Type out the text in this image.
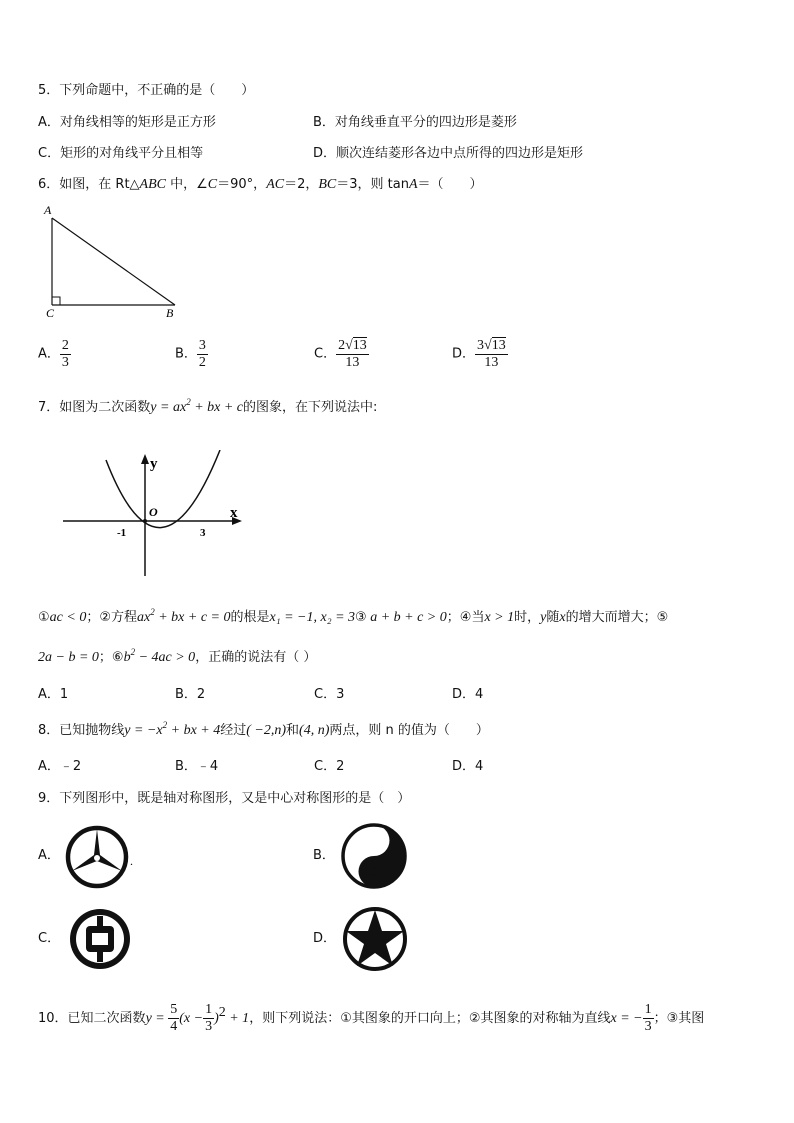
5．下列命题中，不正确的是（　　）
A．对角线相等的矩形是正方形	B．对角线垂直平分的四边形是菱形
C．矩形的对角线平分且相等	D．顺次连结菱形各边中点所得的四边形是矩形
6．如图，在 Rt△ABC 中，∠C＝90°，AC＝2，BC＝3，则 tanA＝（　　）
A
C	B
A． $\frac{2}{3}$	B． $\frac{3}{2}$	C． $\frac{2√13}{13}$	D． $\frac{3√13}{13}$
7．如图为二次函数$y = ax^2$ + bx + c的图象，在下列说法中:
y
x
O
-1	3
①ac < 0；②方程$ax^2$ + bx + c = 0的根是x₁ = −1, x₂ = 3③ a + b + c > 0；④当x > 1时，y随x的增大而增大；⑤
2a − b = 0；$⑥b^2 - 4ac > 0$，正确的说法有（ ）
A．1	B．2	C．3	D．4
8．已知抛物线$y = -x^2$ + bx + 4经过( −2,n)和(4, n)两点，则 n 的值为（　　）
A．﹣2	B．﹣4	C．2	D．4
9．下列图形中，既是轴对称图形，又是中心对称图形的是（　）
A．	.	B．
C．	D．
10．已知二次函数$y = \frac{5}{4} (x - \frac{1}{3} )^2 + 1$，则下列说法：①其图象的开口向上；②其图象的对称轴为直线x = − $\frac{1}{3}$ ；③其图
